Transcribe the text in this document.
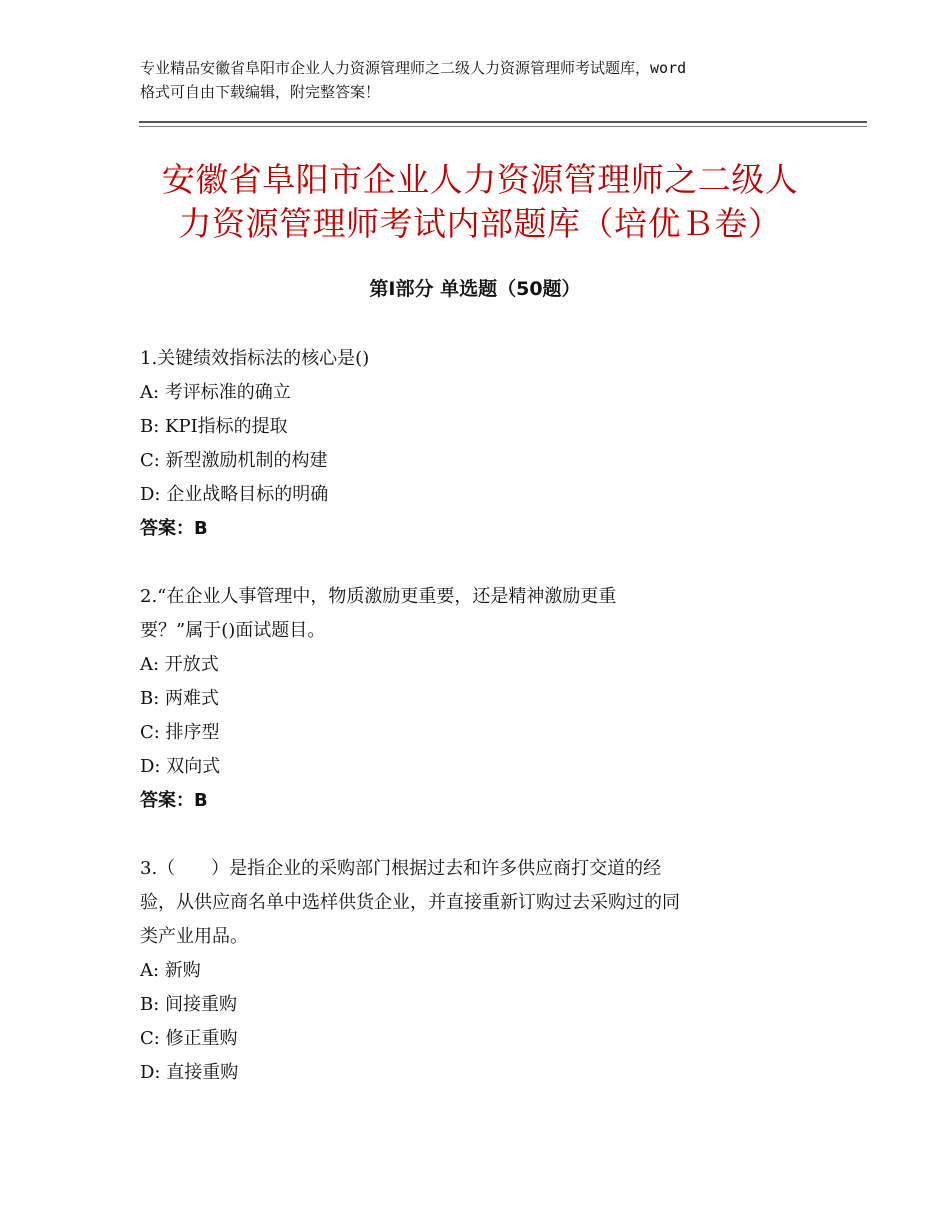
专业精品安徽省阜阳市企业人力资源管理师之二级人力资源管理师考试题库，word
格式可自由下载编辑，附完整答案！
安徽省阜阳市企业人力资源管理师之二级人
力资源管理师考试内部题库（培优Ｂ卷）
第Ⅰ部分 单选题（50题）
1.关键绩效指标法的核心是()
A: 考评标准的确立
B: KPI指标的提取
C: 新型激励机制的构建
D: 企业战略目标的明确
答案：B
2.“在企业人事管理中，物质激励更重要，还是精神激励更重
要？”属于()面试题目。
A: 开放式
B: 两难式
C: 排序型
D: 双向式
答案：B
3.（　　）是指企业的采购部门根据过去和许多供应商打交道的经
验，从供应商名单中选样供货企业，并直接重新订购过去采购过的同
类产业用品。
A: 新购
B: 间接重购
C: 修正重购
D: 直接重购
